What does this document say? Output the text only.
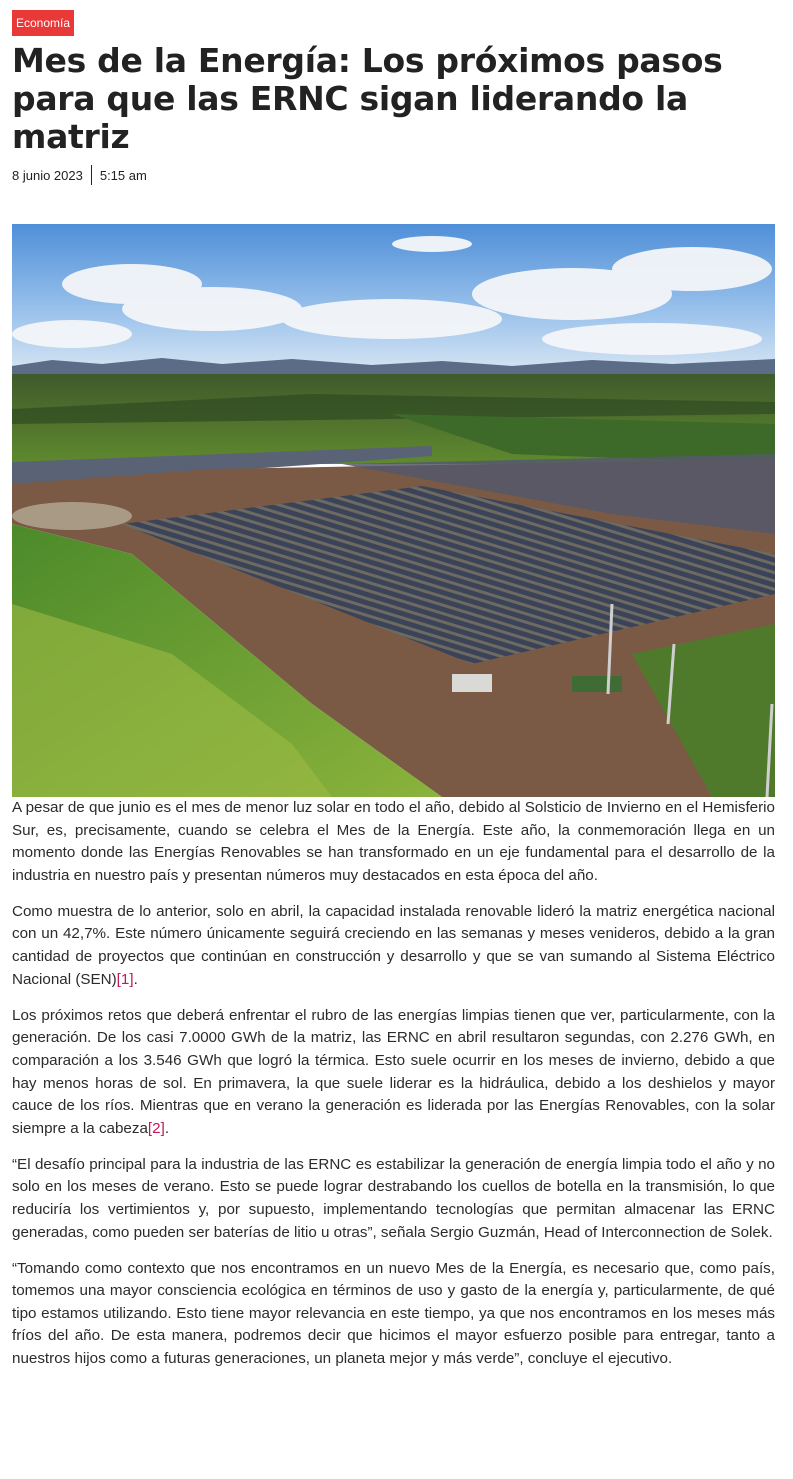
Economía
Mes de la Energía: Los próximos pasos para que las ERNC sigan liderando la matriz
8 junio 2023 5:15 am

A pesar de que junio es el mes de menor luz solar en todo el año, debido al Solsticio de Invierno en el Hemisferio Sur, es, precisamente, cuando se celebra el Mes de la Energía. Este año, la conmemoración llega en un momento donde las Energías Renovables se han transformado en un eje fundamental para el desarrollo de la industria en nuestro país y presentan números muy destacados en esta época del año.

Como muestra de lo anterior, solo en abril, la capacidad instalada renovable lideró la matriz energética nacional con un 42,7%. Este número únicamente seguirá creciendo en las semanas y meses venideros, debido a la gran cantidad de proyectos que continúan en construcción y desarrollo y que se van sumando al Sistema Eléctrico Nacional (SEN)[1].

Los próximos retos que deberá enfrentar el rubro de las energías limpias tienen que ver, particularmente, con la generación. De los casi 7.0000 GWh de la matriz, las ERNC en abril resultaron segundas, con 2.276 GWh, en comparación a los 3.546 GWh que logró la térmica. Esto suele ocurrir en los meses de invierno, debido a que hay menos horas de sol. En primavera, la que suele liderar es la hidráulica, debido a los deshielos y mayor cauce de los ríos. Mientras que en verano la generación es liderada por las Energías Renovables, con la solar siempre a la cabeza[2].

“El desafío principal para la industria de las ERNC es estabilizar la generación de energía limpia todo el año y no solo en los meses de verano. Esto se puede lograr destrabando los cuellos de botella en la transmisión, lo que reduciría los vertimientos y, por supuesto, implementando tecnologías que permitan almacenar las ERNC generadas, como pueden ser baterías de litio u otras”, señala Sergio Guzmán, Head of Interconnection de Solek.

“Tomando como contexto que nos encontramos en un nuevo Mes de la Energía, es necesario que, como país, tomemos una mayor consciencia ecológica en términos de uso y gasto de la energía y, particularmente, de qué tipo estamos utilizando. Esto tiene mayor relevancia en este tiempo, ya que nos encontramos en los meses más fríos del año. De esta manera, podremos decir que hicimos el mayor esfuerzo posible para entregar, tanto a nuestros hijos como a futuras generaciones, un planeta mejor y más verde”, concluye el ejecutivo.
